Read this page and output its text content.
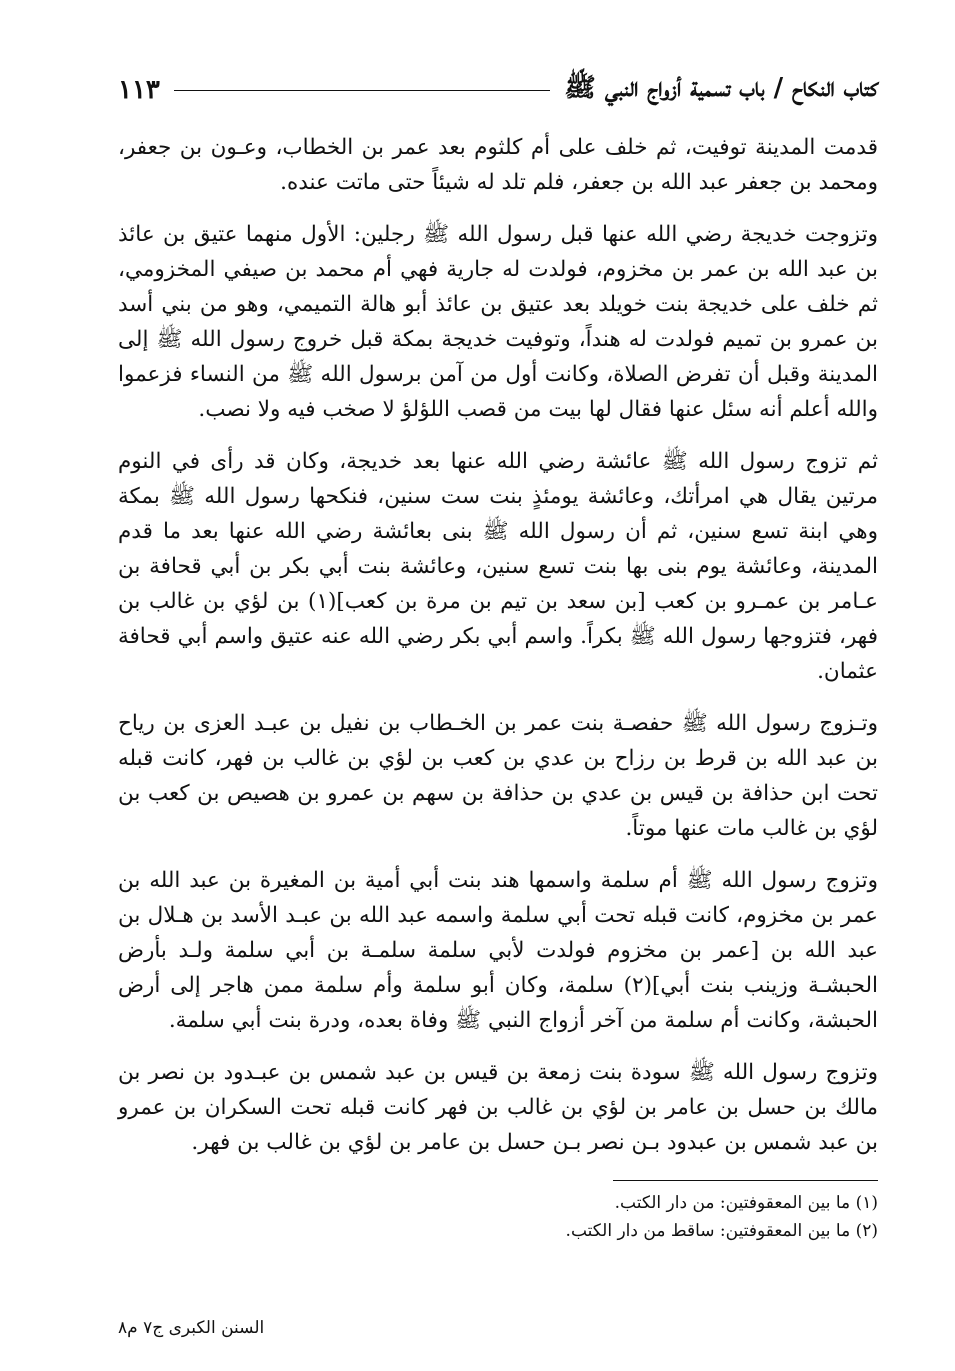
كتاب النكاح / باب تسمية أزواج النبي ﷺ
١١٣

قدمت المدينة توفيت، ثم خلف على أم كلثوم بعد عمر بن الخطاب، وعـون بن جعفر، ومحمد بن جعفر عبد الله بن جعفر، فلم تلد له شيئاً حتى ماتت عنده.

وتزوجت خديجة رضي الله عنها قبل رسول الله ﷺ رجلين: الأول منهما عتيق بن عائذ بن عبد الله بن عمر بن مخزوم، فولدت له جارية فهي أم محمد بن صيفي المخزومي، ثم خلف على خديجة بنت خويلد بعد عتيق بن عائذ أبو هالة التميمي، وهو من بني أسد بن عمرو بن تميم فولدت له هنداً، وتوفيت خديجة بمكة قبل خروج رسول الله ﷺ إلى المدينة وقبل أن تفرض الصلاة، وكانت أول من آمن برسول الله ﷺ من النساء فزعموا والله أعلم أنه سئل عنها فقال لها بيت من قصب اللؤلؤ لا صخب فيه ولا نصب.

ثم تزوج رسول الله ﷺ عائشة رضي الله عنها بعد خديجة، وكان قد رأى في النوم مرتين يقال هي امرأتك، وعائشة يومئذٍ بنت ست سنين، فنكحها رسول الله ﷺ بمكة وهي ابنة تسع سنين، ثم أن رسول الله ﷺ بنى بعائشة رضي الله عنها بعد ما قدم المدينة، وعائشة يوم بنى بها بنت تسع سنين، وعائشة بنت أبي بكر بن أبي قحافة بن عـامر بن عمـرو بن كعب [بن سعد بن تيم بن مرة بن كعب](١) بن لؤي بن غالب بن فهر، فتزوجها رسول الله ﷺ بكراً. واسم أبي بكر رضي الله عنه عتيق واسم أبي قحافة عثمان.

وتـزوج رسول الله ﷺ حفصـة بنت عمر بن الخـطاب بن نفيل بن عبـد العزى بن رياح بن عبد الله بن قرط بن رزاح بن عدي بن كعب بن لؤي بن غالب بن فهر، كانت قبله تحت ابن حذافة بن قيس بن عدي بن حذافة بن سهم بن عمرو بن هصيص بن كعب بن لؤي بن غالب مات عنها موتاً.

وتزوج رسول الله ﷺ أم سلمة واسمها هند بنت أبي أمية بن المغيرة بن عبد الله بن عمر بن مخزوم، كانت قبله تحت أبي سلمة واسمه عبد الله بن عبـد الأسد بن هـلال بن عبد الله بن [عمر بن مخزوم فولدت لأبي سلمة سلمـة بن أبي سلمة ولـد بأرض الحبشـة وزينب بنت أبي](٢) سلمة، وكان أبو سلمة وأم سلمة ممن هاجر إلى أرض الحبشة، وكانت أم سلمة من آخر أزواج النبي ﷺ وفاة بعده، ودرة بنت أبي سلمة.

وتزوج رسول الله ﷺ سودة بنت زمعة بن قيس بن عبد شمس بن عبـدود بن نصر بن مالك بن حسل بن عامر بن لؤي بن غالب بن فهر كانت قبله تحت السكران بن عمرو بن عبد شمس بن عبدود بـن نصر بـن حسل بن عامر بن لؤي بن غالب بن فهر.

(١) ما بين المعقوفتين: من دار الكتب.
(٢) ما بين المعقوفتين: ساقط من دار الكتب.
السنن الكبرى ج٧ م٨
